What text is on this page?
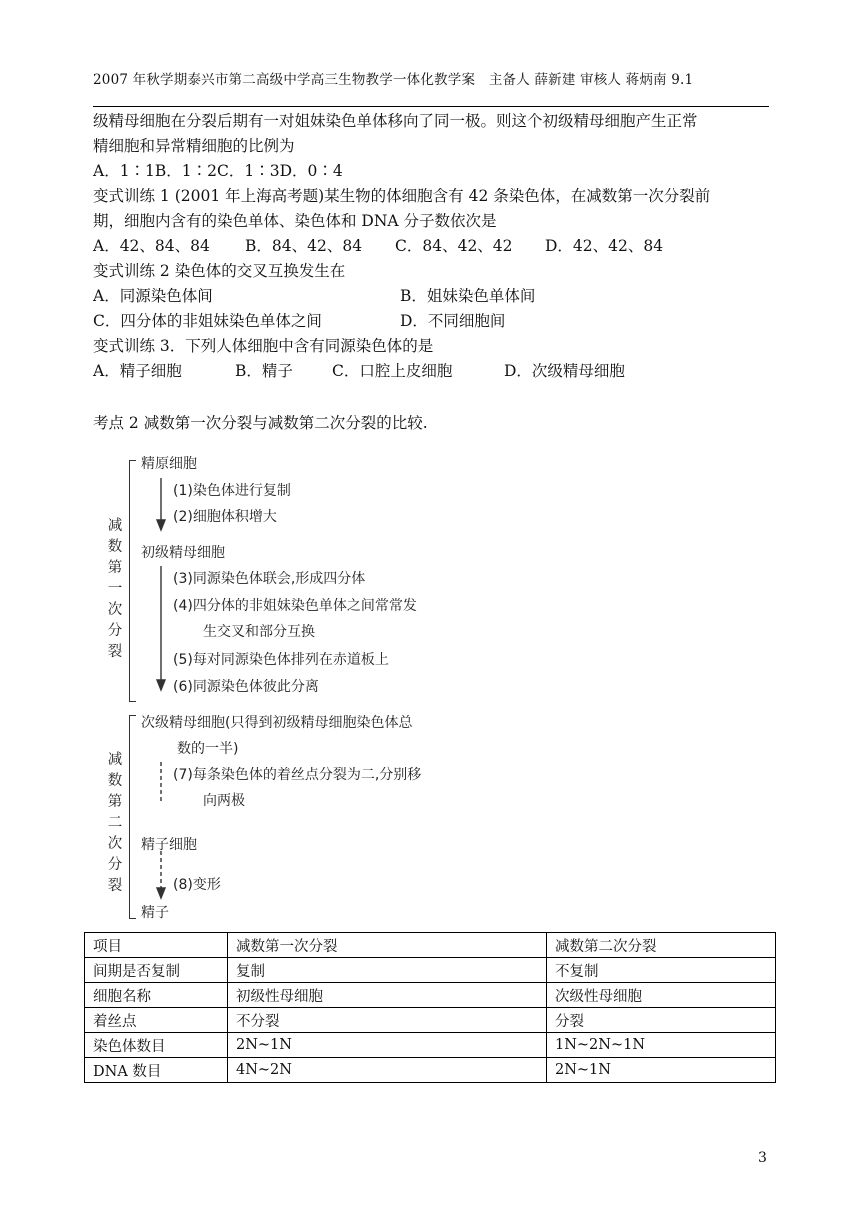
2007 年秋学期泰兴市第二高级中学高三生物教学一体化教学案　主备人 薛新建 审核人 蒋炳南 9.1
级精母细胞在分裂后期有一对姐妹染色单体移向了同一极。则这个初级精母细胞产生正常
精细胞和异常精细胞的比例为
A．1∶1B．1∶2C．1∶3D．0∶4
变式训练 1 (2001 年上海高考题)某生物的体细胞含有 42 条染色体，在减数第一次分裂前
期，细胞内含有的染色单体、染色体和 DNA 分子数依次是
A．42、84、84 B．84、42、84 C．84、42、42 D．42、42、84
变式训练 2 染色体的交叉互换发生在
A．同源染色体间	B．姐妹染色单体间
C．四分体的非姐妹染色单体之间	D．不同细胞间
变式训练 3．下列人体细胞中含有同源染色体的是
A．精子细胞	B．精子	C．口腔上皮细胞	D．次级精母细胞
考点 2 减数第一次分裂与减数第二次分裂的比较.
减
数
第
一
次
分
裂
减
数
第
二
次
分
裂
精原细胞
(1)染色体进行复制
(2)细胞体积增大
初级精母细胞
(3)同源染色体联会,形成四分体
(4)四分体的非姐妹染色单体之间常常发
生交叉和部分互换
(5)每对同源染色体排列在赤道板上
(6)同源染色体彼此分离
次级精母细胞(只得到初级精母细胞染色体总
数的一半)
(7)每条染色体的着丝点分裂为二,分别移
向两极
精子细胞
(8)变形
精子
项目	减数第一次分裂	减数第二次分裂
间期是否复制	复制	不复制
细胞名称	初级性母细胞	次级性母细胞
着丝点	不分裂	分裂
染色体数目	2N~1N	1N~2N~1N
DNA 数目	4N~2N	2N~1N
3
